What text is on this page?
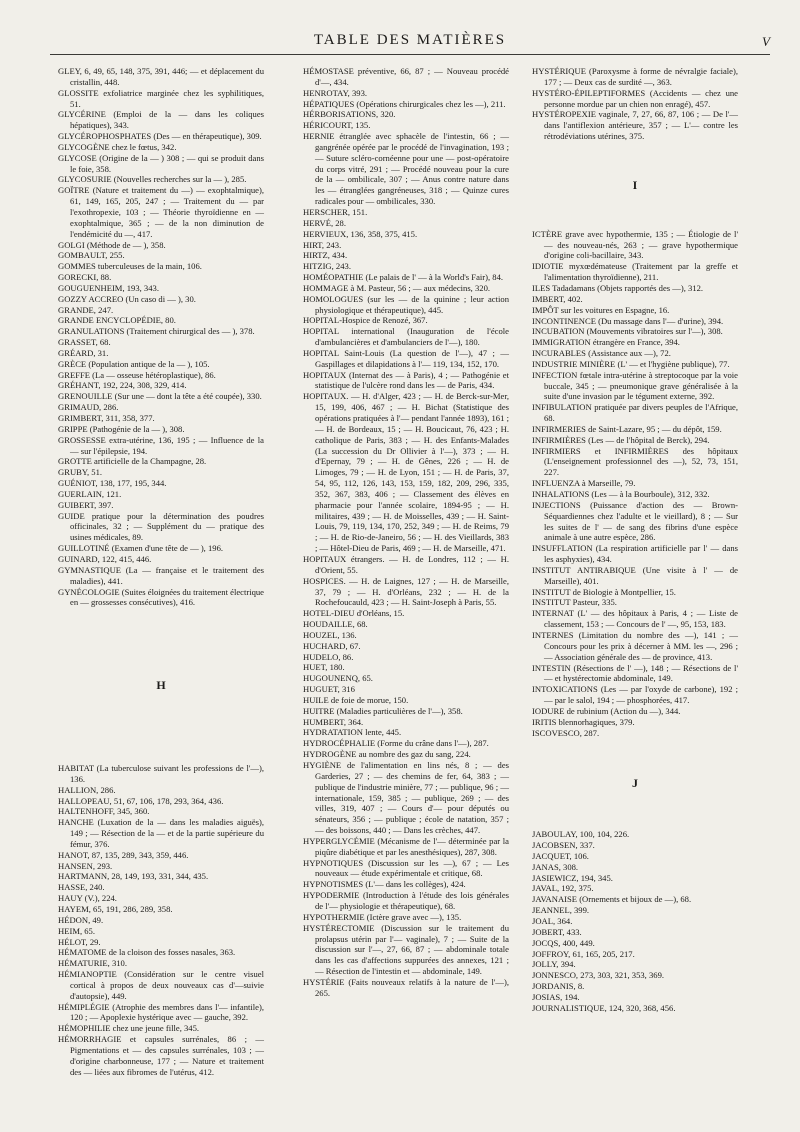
TABLE DES MATIÈRES	V

GLEY, 6, 49, 65, 148, 375, 391, 446; — et déplacement du cristallin, 448.

GLOSSITE exfoliatrice marginée chez les syphilitiques, 51.

GLYCÉRINE (Emploi de la — dans les coliques hépatiques), 343.

GLYCÉROPHOSPHATES (Des — en thérapeutique), 309.

GLYCOGÈNE chez le fœtus, 342.

GLYCOSE (Origine de la — ) 308 ; — qui se produit dans le foie, 358.

GLYCOSURIE (Nouvelles recherches sur la — ), 285.

GOÏTRE (Nature et traitement du —) — exophtalmique), 61, 149, 165, 205, 247 ; — Traitement du — par l'exothropexie, 103 ; — Théorie thyroïdienne en — exophtalmique, 365 ; — de la non diminution de l'endémicité du —, 417.

GOLGI (Méthode de — ), 358.

GOMBAULT, 255.

GOMMES tuberculeuses de la main, 106.

GORECKI, 88.

GOUGUENHEIM, 193, 343.

GOZZY ACCREO (Un caso di — ), 30.

GRANDE, 247.

GRANDE ENCYCLOPÉDIE, 80.

GRANULATIONS (Traitement chirurgical des — ), 378.

GRASSET, 68.

GRÉARD, 31.

GRÈCE (Population antique de la — ), 105.

GREFFE (La — osseuse hétéroplastique), 86.

GRÉHANT, 192, 224, 308, 329, 414.

GRENOUILLE (Sur une — dont la tête a été coupée), 330.

GRIMAUD, 286.

GRIMBERT, 311, 358, 377.

GRIPPE (Pathogénie de la — ), 308.

GROSSESSE extra-utérine, 136, 195 ; — Influence de la — sur l'épilepsie, 194.

GROTTE artificielle de la Champagne, 28.

GRUBY, 51.

GUÉNIOT, 138, 177, 195, 344.

GUERLAIN, 121.

GUIBERT, 397.

GUIDE pratique pour la détermination des poudres officinales, 32 ; — Supplément du — pratique des usines médicales, 89.

GUILLOTINÉ (Examen d'une tête de — ), 196.

GUINARD, 122, 415, 446.

GYMNASTIQUE (La — française et le traitement des maladies), 441.

GYNÉCOLOGIE (Suites éloignées du traitement électrique en — grossesses consécutives), 416.

H

HABITAT (La tuberculose suivant les professions de l'—), 136.

HALLION, 286.

HALLOPEAU, 51, 67, 106, 178, 293, 364, 436.

HALTENHOFF, 345, 360.

HANCHE (Luxation de la — dans les maladies aiguës), 149 ; — Résection de la — et de la partie supérieure du fémur, 376.

HANOT, 87, 135, 289, 343, 359, 446.

HANSEN, 293.

HARTMANN, 28, 149, 193, 331, 344, 435.

HASSE, 240.

HAUY (V.), 224.

HAYEM, 65, 191, 286, 289, 358.

HÉDON, 49.

HEIM, 65.

HÉLOT, 29.

HÉMATOME de la cloison des fosses nasales, 363.

HÉMATURIE, 310.

HÉMIANOPTIE (Considération sur le centre visuel cortical à propos de deux nouveaux cas d'—suivie d'autopsie), 449.

HÉMIPLÉGIE (Atrophie des membres dans l'— infantile), 120 ; — Apoplexie hystérique avec — gauche, 392.

HÉMOPHILIE chez une jeune fille, 345.

HÉMORRHAGIE et capsules surrénales, 86 ; — Pigmentations et — des capsules surrénales, 103 ; — d'origine charbonneuse, 177 ; — Nature et traitement des — liées aux fibromes de l'utérus, 412.

HÉMOSTASE préventive, 66, 87 ; — Nouveau procédé d'—, 434.

HENROTAY, 393.

HÉPATIQUES (Opérations chirurgicales chez les —), 211.

HÉRBORISATIONS, 320.

HÉRICOURT, 135.

HERNIE étranglée avec sphacèle de l'intestin, 66 ; — gangrénée opérée par le procédé de l'invagination, 193 ; — Suture scléro-cornéenne pour une — post-opératoire du corps vitré, 291 ; — Procédé nouveau pour la cure de la — ombilicale, 307 ; — Anus contre nature dans les — étranglées gangréneuses, 318 ; — Quinze cures radicales pour — ombilicales, 330.

HERSCHER, 151.

HERVÉ, 28.

HERVIEUX, 136, 358, 375, 415.

HIRT, 243.

HIRTZ, 434.

HITZIG, 243.

HOMÉOPATHIE (Le palais de l' — à la World's Fair), 84.

HOMMAGE à M. Pasteur, 56 ; — aux médecins, 320.

HOMOLOGUES (sur les — de la quinine ; leur action physiologique et thérapeutique), 445.

HOPITAL-Hospice de Renozé, 367.

HOPITAL international (Inauguration de l'école d'ambulancières et d'ambulanciers de l'—), 180.

HOPITAL Saint-Louis (La question de l'—), 47 ; — Gaspillages et dilapidations à l'— 119, 134, 152, 170.

HOPITAUX (Internat des — à Paris), 4 ; — Pathogénie et statistique de l'ulcère rond dans les — de Paris, 434.

HOPITAUX. — H. d'Alger, 423 ; — H. de Berck-sur-Mer, 15, 199, 406, 467 ; — H. Bichat (Statistique des opérations pratiquées à l'— pendant l'année 1893), 161 ; — H. de Bordeaux, 15 ; — H. Boucicaut, 76, 423 ; H. catholique de Paris, 383 ; — H. des Enfants-Malades (La succession du Dr Ollivier à l'—), 373 ; — H. d'Epernay, 79 ; — H. de Gênes, 226 ; — H. de Limoges, 79 ; — H. de Lyon, 151 ; — H. de Paris, 37, 54, 95, 112, 126, 143, 153, 159, 182, 209, 296, 335, 352, 367, 383, 406 ; — Classement des élèves en pharmacie pour l'année scolaire, 1894-95 ; — H. militaires, 439 ; — H. de Moisselles, 439 ; — H. Saint-Louis, 79, 119, 134, 170, 252, 349 ; — H. de Reims, 79 ; — H. de Rio-de-Janeiro, 56 ; — H. des Vieillards, 383 ; — Hôtel-Dieu de Paris, 469 ; — H. de Marseille, 471.

HOPITAUX étrangers. — H. de Londres, 112 ; — H. d'Orient, 55.

HOSPICES. — H. de Laignes, 127 ; — H. de Marseille, 37, 79 ; — H. d'Orléans, 232 ; — H. de la Rochefoucauld, 423 ; — H. Saint-Joseph à Paris, 55.

HOTEL-DIEU d'Orléans, 15.

HOUDAILLE, 68.

HOUZEL, 136.

HUCHARD, 67.

HUDELO, 86.

HUET, 180.

HUGOUNENQ, 65.

HUGUET, 316

HUILE de foie de morue, 150.

HUITRE (Maladies particulières de l'—), 358.

HUMBERT, 364.

HYDRATATION lente, 445.

HYDROCÉPHALIE (Forme du crâne dans l'—), 287.

HYDROGÈNE au nombre des gaz du sang, 224.

HYGIÈNE de l'alimentation en lins nés, 8 ; — des Garderies, 27 ; — des chemins de fer, 64, 383 ; — publique de l'industrie minière, 77 ; — publique, 96 ; — internationale, 159, 385 ; — publique, 269 ; — des villes, 319, 407 ; — Cours d'— pour députés ou sénateurs, 356 ; — publique ; école de natation, 357 ; — des boissons, 440 ; — Dans les crèches, 447.

HYPERGLYCÉMIE (Mécanisme de l'— déterminée par la piqûre diabétique et par les anesthésiques), 287, 308.

HYPNOTIQUES (Discussion sur les —), 67 ; — Les nouveaux — étude expérimentale et critique, 68.

HYPNOTISMES (L'— dans les collèges), 424.

HYPODERMIE (Introduction à l'étude des lois générales de l'— physiologie et thérapeutique), 68.

HYPOTHERMIE (Ictère grave avec —), 135.

HYSTÉRECTOMIE (Discussion sur le traitement du prolapsus utérin par l'— vaginale), 7 ; — Suite de la discussion sur l'—, 27, 66, 87 ; — abdominale totale dans les cas d'affections suppurées des annexes, 121 ; — Résection de l'intestin et — abdominale, 149.

HYSTÉRIE (Faits nouveaux relatifs à la nature de l'—), 265.

HYSTÉRIQUE (Paroxysme à forme de névralgie faciale), 177 ; — Deux cas de surdité —, 363.

HYSTÉRO-ÉPILEPTIFORMES (Accidents — chez une personne mordue par un chien non enragé), 457.

HYSTÉROPEXIE vaginale, 7, 27, 66, 87, 106 ; — De l'— dans l'antiflexion antérieure, 357 ; — L'— contre les rétrodéviations utérines, 375.

I

ICTÈRE grave avec hypothermie, 135 ; — Étiologie de l' — des nouveau-nés, 263 ; — grave hypothermique d'origine coli-bacillaire, 343.

IDIOTIE myxœdémateuse (Traitement par la greffe et l'alimentation thyroïdienne), 211.

ILES Tadadamans (Objets rapportés des —), 312.

IMBERT, 402.

IMPÔT sur les voitures en Espagne, 16.

INCONTINENCE (Du massage dans l'— d'urine), 394.

INCUBATION (Mouvements vibratoires sur l'—), 308.

IMMIGRATION étrangère en France, 394.

INCURABLES (Assistance aux —), 72.

INDUSTRIE MINIÈRE (L' — et l'hygiène publique), 77.

INFECTION fœtale intra-utérine à streptocoque par la voie buccale, 345 ; — pneumonique grave généralisée à la suite d'une invasion par le tégument externe, 392.

INFIBULATION pratiquée par divers peuples de l'Afrique, 68.

INFIRMERIES de Saint-Lazare, 95 ; — du dépôt, 159.

INFIRMIÈRES (Les — de l'hôpital de Berck), 294.

INFIRMIERS et INFIRMIÈRES des hôpitaux (L'enseignement professionnel des —), 52, 73, 151, 227.

INFLUENZA à Marseille, 79.

INHALATIONS (Les — à la Bourboule), 312, 332.

INJECTIONS (Puissance d'action des — Brown-Séquardiennes chez l'adulte et le vieillard), 8 ; — Sur les suites de l' — de sang des fibrins d'une espèce animale à une autre espèce, 286.

INSUFFLATION (La respiration artificielle par l' — dans les asphyxies), 434.

INSTITUT ANTIRABIQUE (Une visite à l' — de Marseille), 401.

INSTITUT de Biologie à Montpellier, 15.

INSTITUT Pasteur, 335.

INTERNAT (L' — des hôpitaux à Paris, 4 ; — Liste de classement, 153 ; — Concours de l' —, 95, 153, 183.

INTERNES (Limitation du nombre des —), 141 ; — Concours pour les prix à décerner à MM. les —, 296 ; — Association générale des — de province, 413.

INTESTIN (Résections de l' —), 148 ; — Résections de l' — et hystérectomie abdominale, 149.

INTOXICATIONS (Les — par l'oxyde de carbone), 192 ; — par le salol, 194 ; — phosphorées, 417.

IODURE de rubinium (Action du —), 344.

IRITIS blennorhagiques, 379.

ISCOVESCO, 287.

J

JABOULAY, 100, 104, 226.

JACOBSEN, 337.

JACQUET, 106.

JANAS, 308.

JASIEWICZ, 194, 345.

JAVAL, 192, 375.

JAVANAISE (Ornements et bijoux de —), 68.

JEANNEL, 399.

JOAL, 364.

JOBERT, 433.

JOCQS, 400, 449.

JOFFROY, 61, 165, 205, 217.

JOLLY, 394.

JONNESCO, 273, 303, 321, 353, 369.

JORDANIS, 8.

JOSIAS, 194.

JOURNALISTIQUE, 124, 320, 368, 456.
